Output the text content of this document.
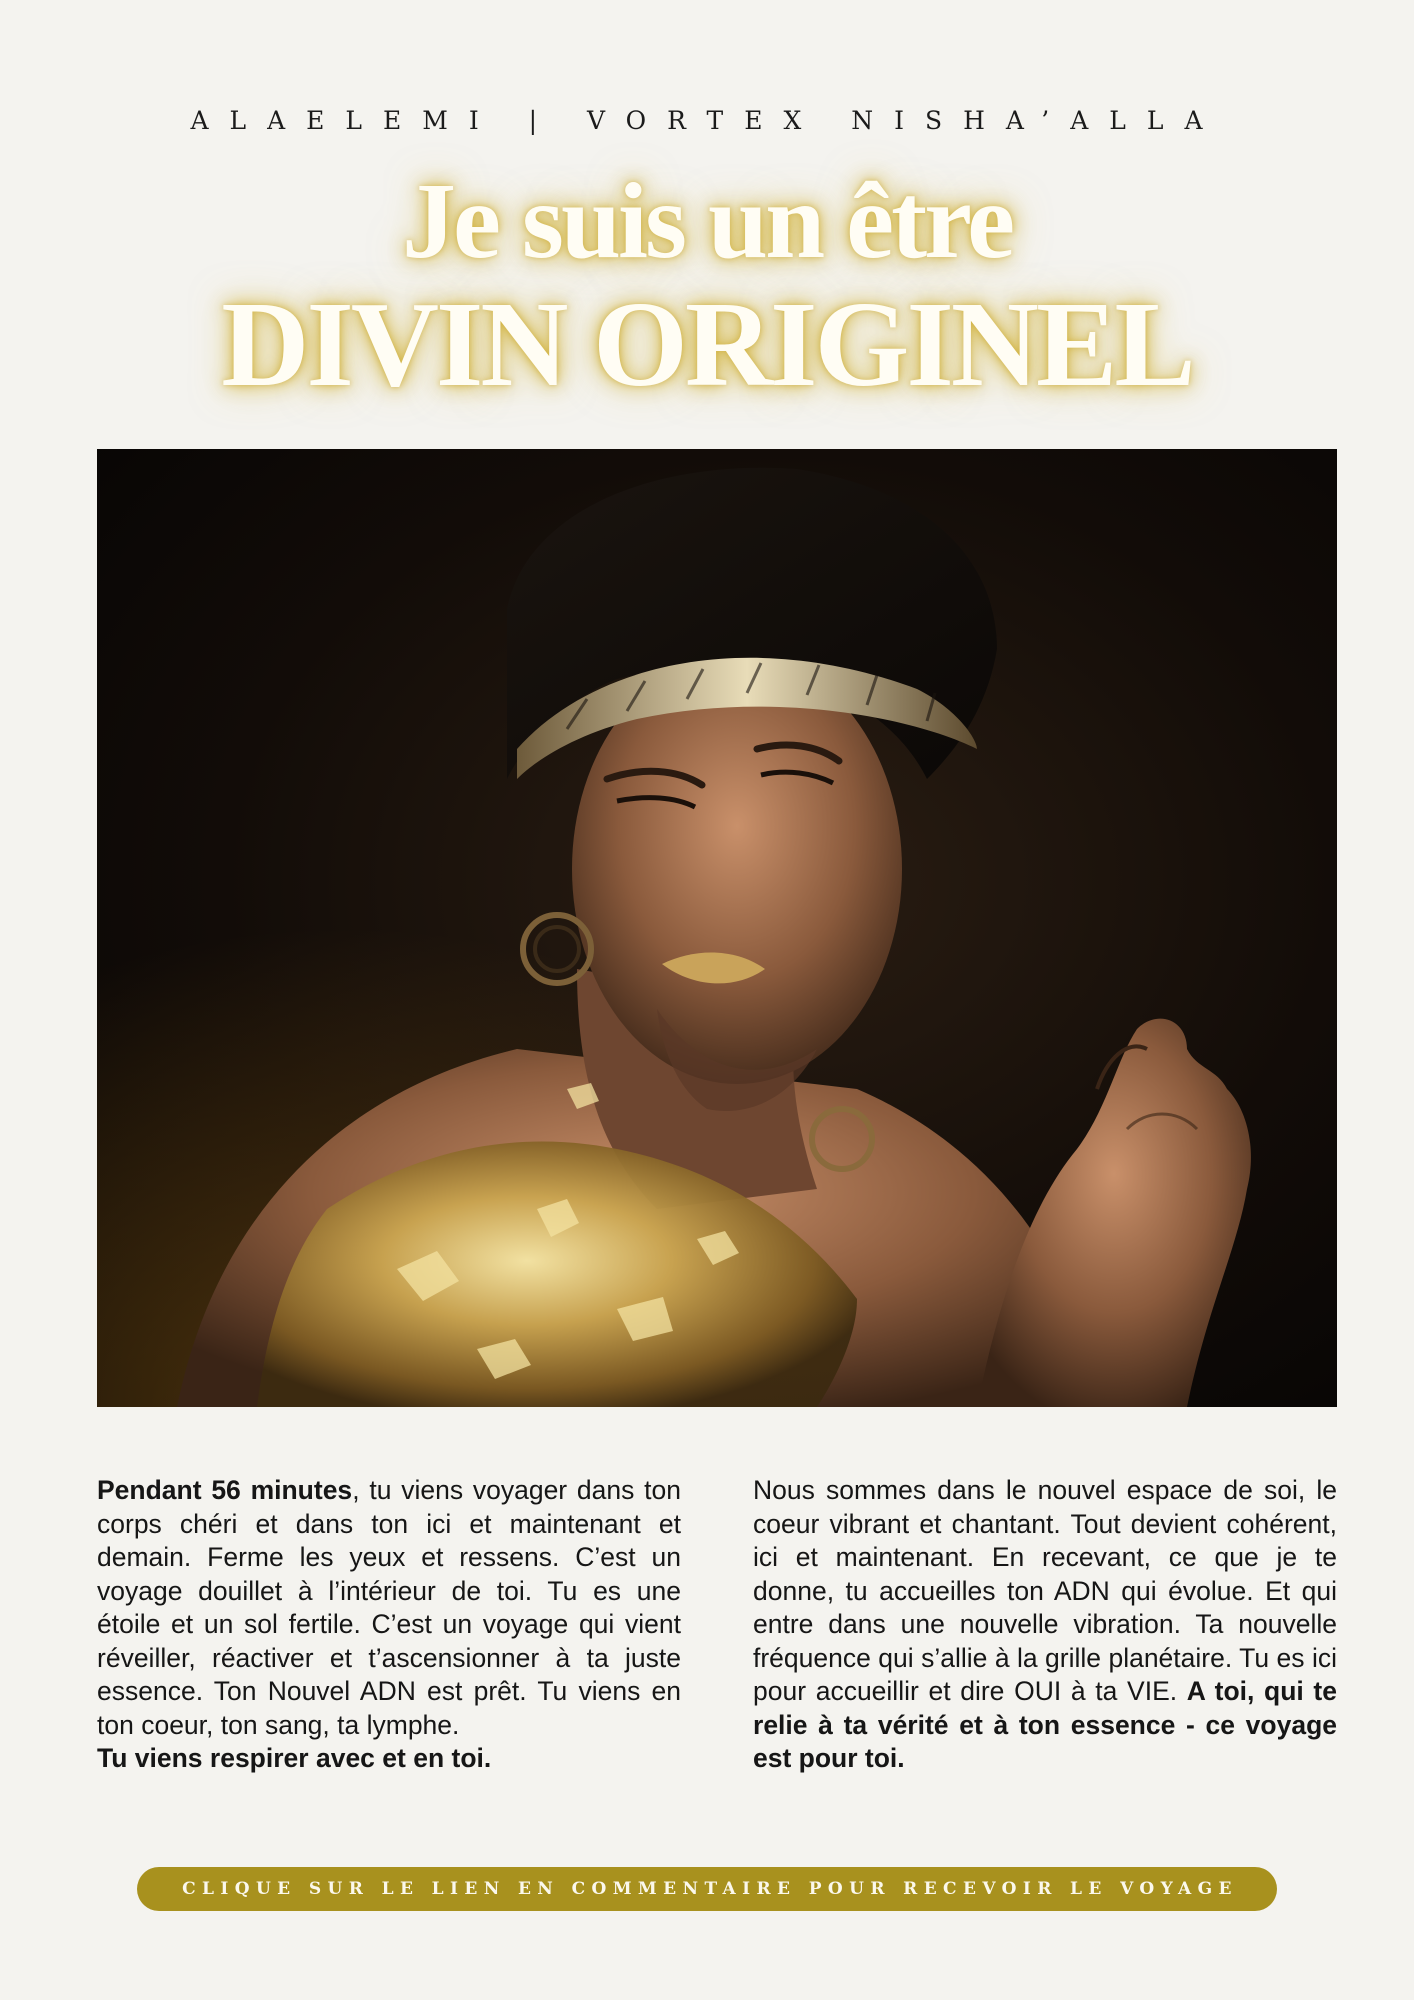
ALAELEMI | VORTEX NISHA’ALLA
Je suis un être
DIVIN ORIGINEL
Pendant 56 minutes, tu viens voyager dans ton corps chéri et dans ton ici et maintenant et demain. Ferme les yeux et ressens. C’est un voyage douillet à l’intérieur de toi. Tu es une étoile et un sol fertile. C’est un voyage qui vient réveiller, réactiver et t’ascensionner à ta juste essence. Ton Nouvel ADN est prêt. Tu viens en ton coeur, ton sang, ta lymphe.
Tu viens respirer avec et en toi.
Nous sommes dans le nouvel espace de soi, le coeur vibrant et chantant. Tout devient cohérent, ici et maintenant. En recevant, ce que je te donne, tu accueilles ton ADN qui évolue. Et qui entre dans une nouvelle vibration. Ta nouvelle fréquence qui s’allie à la grille planétaire. Tu es ici pour accueillir et dire OUI à ta VIE. A toi, qui te relie à ta vérité et à ton essence - ce voyage est pour toi.
CLIQUE SUR LE LIEN EN COMMENTAIRE POUR RECEVOIR LE VOYAGE
